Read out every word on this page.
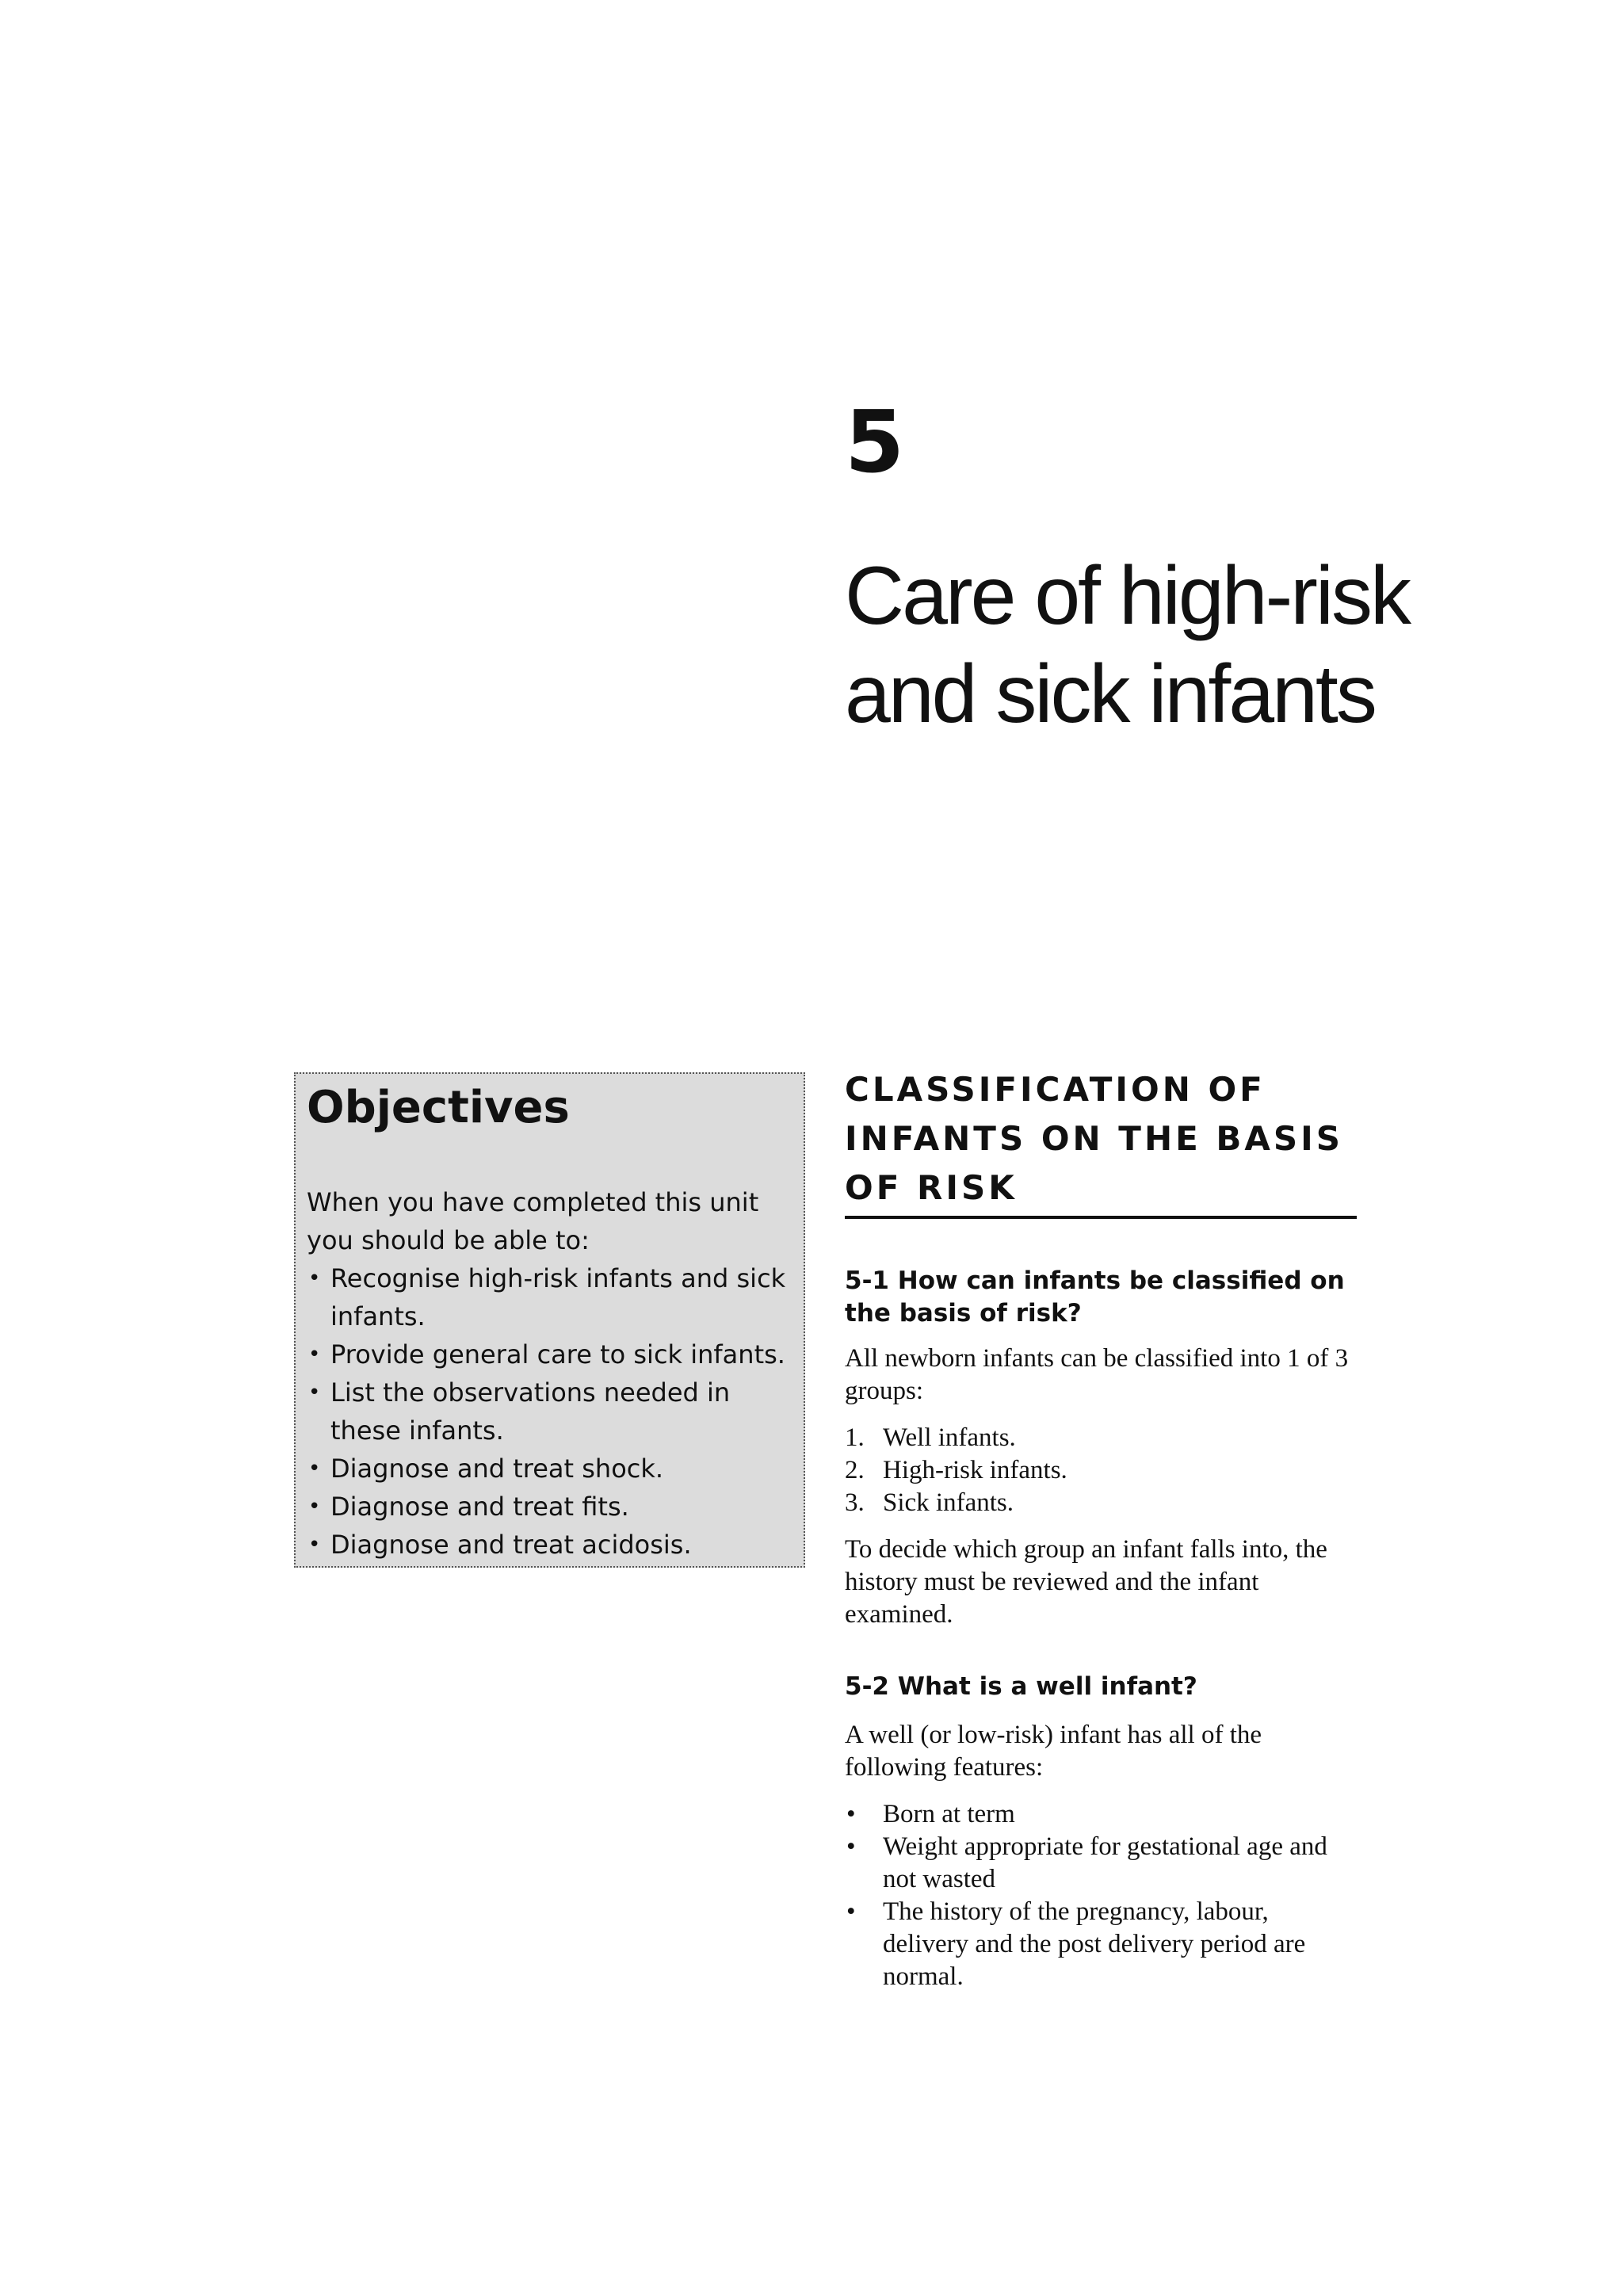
5
Care of high-risk
and sick infants
Objectives

When you have completed this unit you should be able to:

• Recognise high-risk infants and sick infants.
• Provide general care to sick infants.
• List the observations needed in these infants.
• Diagnose and treat shock.
• Diagnose and treat fits.
• Diagnose and treat acidosis.
CLASSIFICATION OF INFANTS ON THE BASIS OF RISK
5-1 How can infants be classified on the basis of risk?

All newborn infants can be classified into 1 of 3 groups:

1. Well infants.
2. High-risk infants.
3. Sick infants.

To decide which group an infant falls into, the history must be reviewed and the infant examined.

5-2 What is a well infant?

A well (or low-risk) infant has all of the following features:

• Born at term
• Weight appropriate for gestational age and not wasted
• The history of the pregnancy, labour, delivery and the post delivery period are normal.
